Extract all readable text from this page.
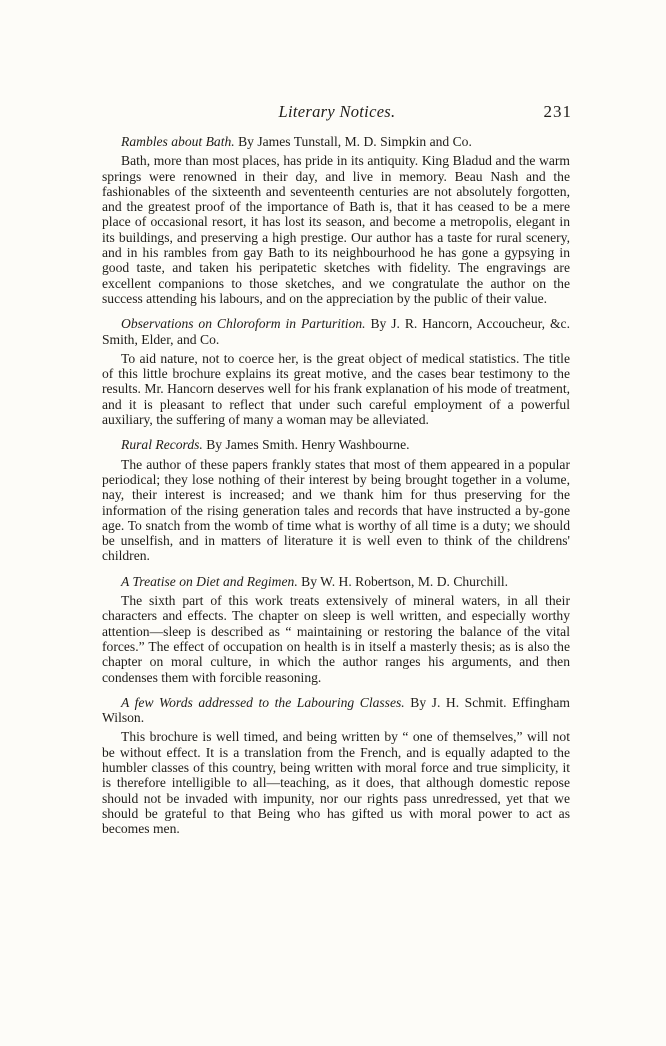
Literary Notices.	231

Rambles about Bath. By James Tunstall, M. D. Simpkin and Co.

Bath, more than most places, has pride in its antiquity. King Bladud and the warm springs were renowned in their day, and live in memory. Beau Nash and the fashionables of the sixteenth and seventeenth centuries are not absolutely forgotten, and the greatest proof of the importance of Bath is, that it has ceased to be a mere place of occasional resort, it has lost its season, and become a metropolis, elegant in its buildings, and preserving a high prestige. Our author has a taste for rural scenery, and in his rambles from gay Bath to its neighbourhood he has gone a gypsying in good taste, and taken his peripatetic sketches with fidelity. The engravings are excellent companions to those sketches, and we congratulate the author on the success attending his labours, and on the appreciation by the public of their value.

Observations on Chloroform in Parturition. By J. R. Hancorn, Accoucheur, &c. Smith, Elder, and Co.

To aid nature, not to coerce her, is the great object of medical statistics. The title of this little brochure explains its great motive, and the cases bear testimony to the results. Mr. Hancorn deserves well for his frank explanation of his mode of treatment, and it is pleasant to reflect that under such careful employment of a powerful auxiliary, the suffering of many a woman may be alleviated.

Rural Records. By James Smith. Henry Washbourne.

The author of these papers frankly states that most of them appeared in a popular periodical; they lose nothing of their interest by being brought together in a volume, nay, their interest is increased; and we thank him for thus preserving for the information of the rising generation tales and records that have instructed a by-gone age. To snatch from the womb of time what is worthy of all time is a duty; we should be unselfish, and in matters of literature it is well even to think of the childrens' children.

A Treatise on Diet and Regimen. By W. H. Robertson, M. D. Churchill.

The sixth part of this work treats extensively of mineral waters, in all their characters and effects. The chapter on sleep is well written, and especially worthy attention—sleep is described as “ maintaining or restoring the balance of the vital forces.” The effect of occupation on health is in itself a masterly thesis; as is also the chapter on moral culture, in which the author ranges his arguments, and then condenses them with forcible reasoning.

A few Words addressed to the Labouring Classes. By J. H. Schmit. Effingham Wilson.

This brochure is well timed, and being written by “ one of themselves,” will not be without effect. It is a translation from the French, and is equally adapted to the humbler classes of this country, being written with moral force and true simplicity, it is therefore intelligible to all—teaching, as it does, that although domestic repose should not be invaded with impunity, nor our rights pass unredressed, yet that we should be grateful to that Being who has gifted us with moral power to act as becomes men.
